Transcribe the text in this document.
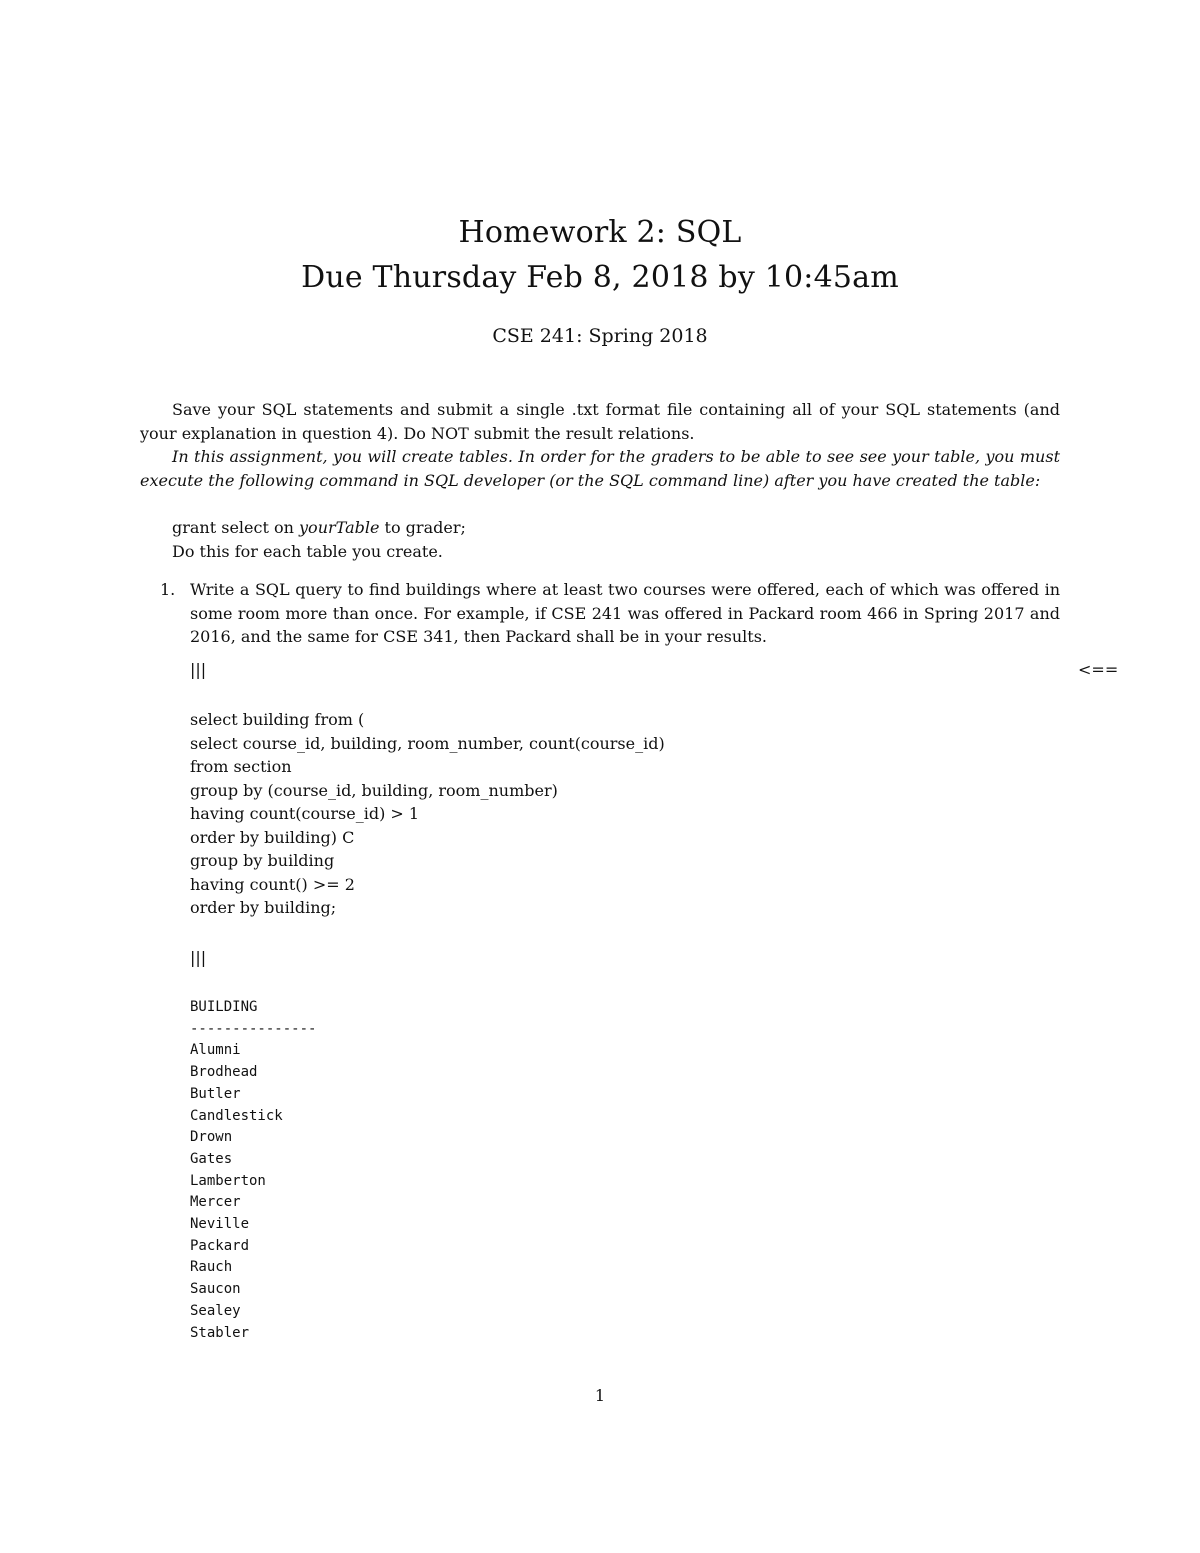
Homework 2: SQL
Due Thursday Feb 8, 2018 by 10:45am
CSE 241: Spring 2018
Save your SQL statements and submit a single .txt format file containing all of your SQL statements (and your explanation in question 4). Do NOT submit the result relations.
In this assignment, you will create tables. In order for the graders to be able to see see your table, you must execute the following command in SQL developer (or the SQL command line) after you have created the table:
grant select on yourTable to grader;
Do this for each table you create.
1. Write a SQL query to find buildings where at least two courses were offered, each of which was offered in some room more than once. For example, if CSE 241 was offered in Packard room 466 in Spring 2017 and 2016, and the same for CSE 341, then Packard shall be in your results.
|||	<==
select building from (
select course_id, building, room_number, count(course_id)
from section
group by (course_id, building, room_number)
having count(course_id) > 1
order by building) C
group by building
having count() >= 2
order by building;
|||
BUILDING
---------------
Alumni
Brodhead
Butler
Candlestick
Drown
Gates
Lamberton
Mercer
Neville
Packard
Rauch
Saucon
Sealey
Stabler
1
